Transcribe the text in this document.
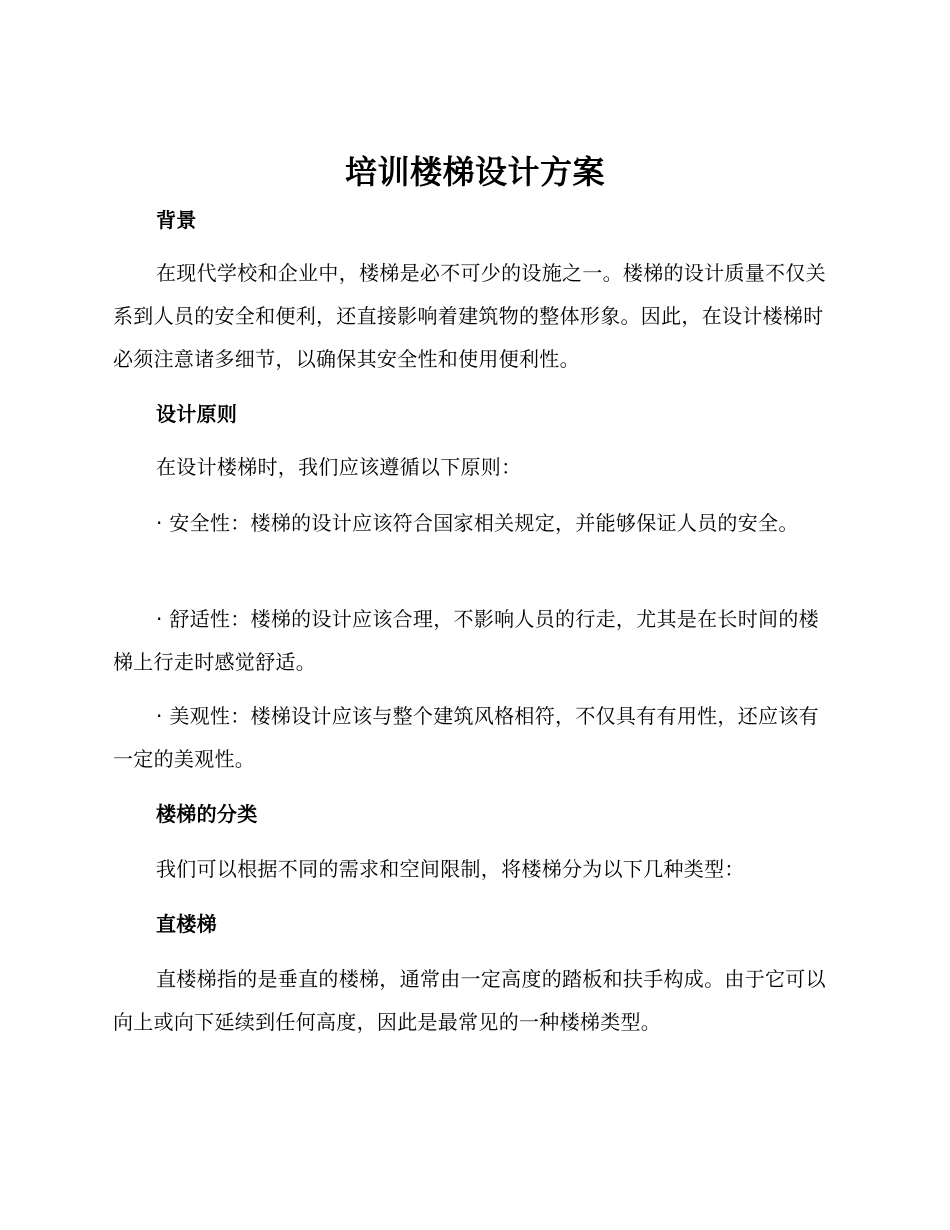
培训楼梯设计方案
背景
在现代学校和企业中，楼梯是必不可少的设施之一。楼梯的设计质量不仅关系到人员的安全和便利，还直接影响着建筑物的整体形象。因此，在设计楼梯时必须注意诸多细节，以确保其安全性和使用便利性。
设计原则
在设计楼梯时，我们应该遵循以下原则：
· 安全性：楼梯的设计应该符合国家相关规定，并能够保证人员的安全。
· 舒适性：楼梯的设计应该合理，不影响人员的行走，尤其是在长时间的楼梯上行走时感觉舒适。
· 美观性：楼梯设计应该与整个建筑风格相符，不仅具有有用性，还应该有一定的美观性。
楼梯的分类
我们可以根据不同的需求和空间限制，将楼梯分为以下几种类型：
直楼梯
直楼梯指的是垂直的楼梯，通常由一定高度的踏板和扶手构成。由于它可以向上或向下延续到任何高度，因此是最常见的一种楼梯类型。
